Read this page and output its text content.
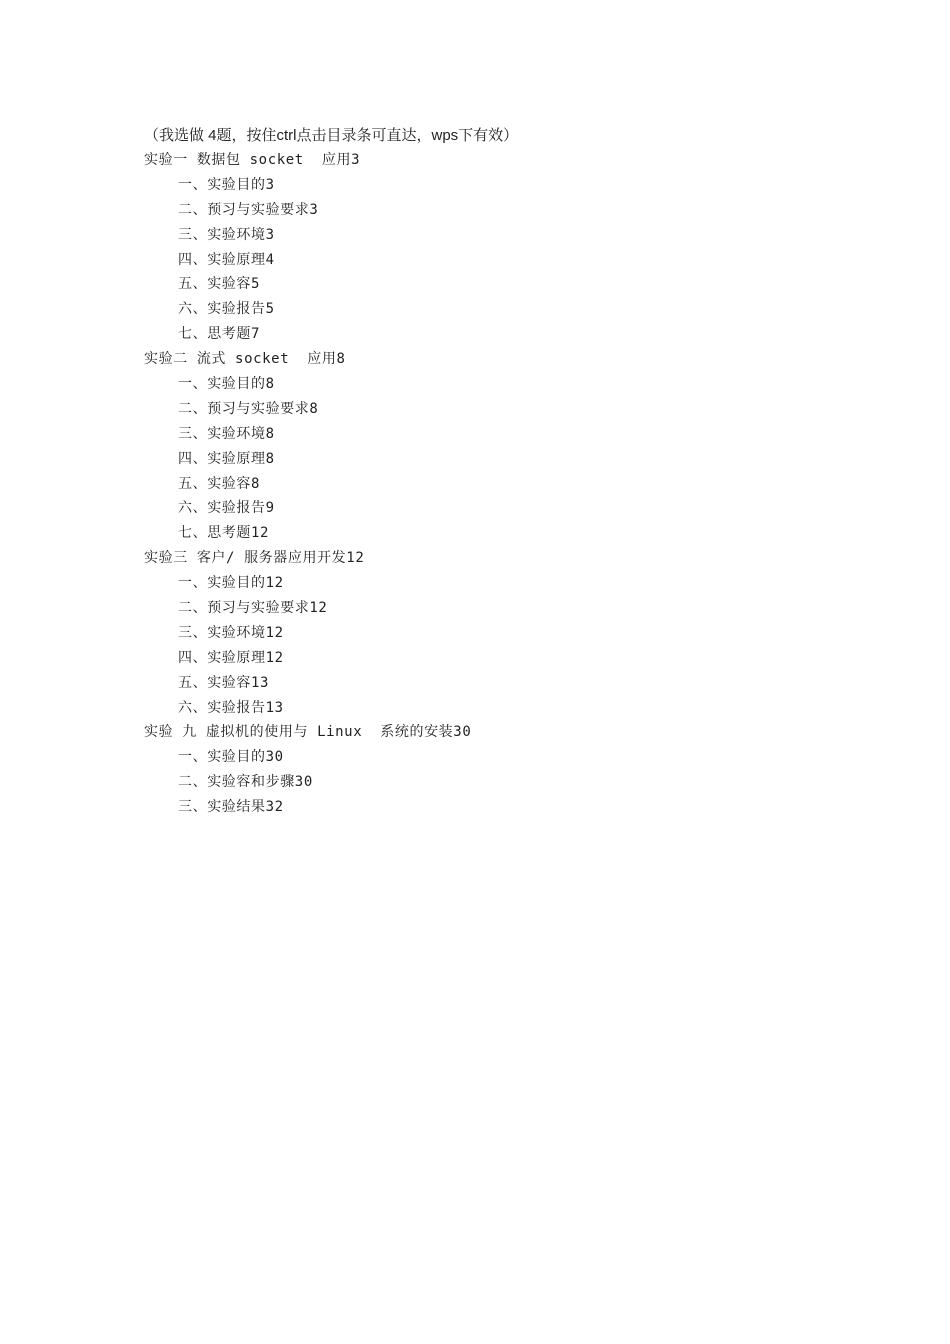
（我选做 4题，按住ctrl点击目录条可直达，wps下有效）
实验一 数据包 socket  应用3
一、实验目的3
二、预习与实验要求3
三、实验环境3
四、实验原理4
五、实验容5
六、实验报告5
七、思考题7
实验二 流式 socket  应用8
一、实验目的8
二、预习与实验要求8
三、实验环境8
四、实验原理8
五、实验容8
六、实验报告9
七、思考题12
实验三 客户/ 服务器应用开发12
一、实验目的12
二、预习与实验要求12
三、实验环境12
四、实验原理12
五、实验容13
六、实验报告13
实验 九 虚拟机的使用与 Linux  系统的安装30
一、实验目的30
二、实验容和步骤30
三、实验结果32
